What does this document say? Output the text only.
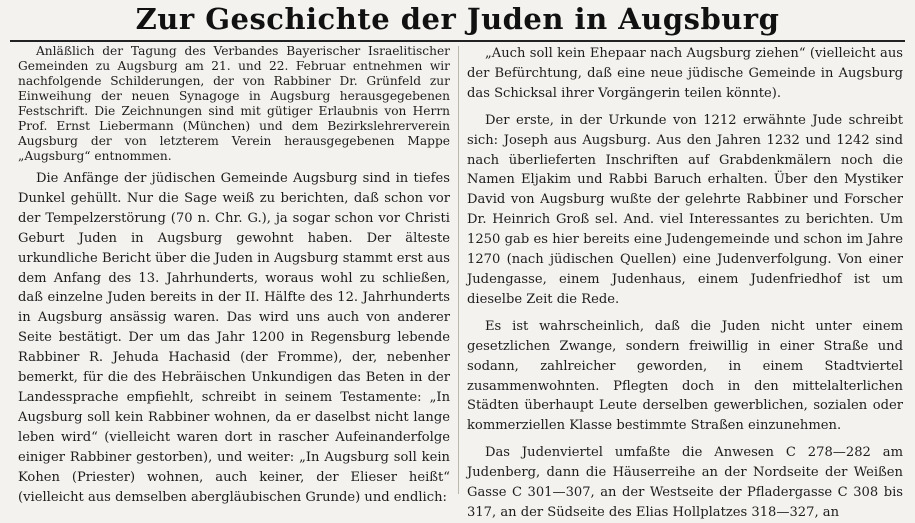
Zur Geschichte der Juden in Augsburg

Anläßlich der Tagung des Verbandes Bayerischer Israelitischer Gemeinden zu Augsburg am 21. und 22. Februar entnehmen wir nachfolgende Schilderungen, der von Rabbiner Dr. Grünfeld zur Einweihung der neuen Synagoge in Augsburg herausgegebenen Festschrift. Die Zeichnungen sind mit gütiger Erlaubnis von Herrn Prof. Ernst Liebermann (München) und dem Bezirkslehrerverein Augsburg der von letzterem Verein herausgegebenen Mappe „Augsburg“ entnommen.

Die Anfänge der jüdischen Gemeinde Augsburg sind in tiefes Dunkel gehüllt. Nur die Sage weiß zu berichten, daß schon vor der Tempelzerstörung (70 n. Chr. G.), ja sogar schon vor Christi Geburt Juden in Augsburg gewohnt haben. Der älteste urkundliche Bericht über die Juden in Augsburg stammt erst aus dem Anfang des 13. Jahrhunderts, woraus wohl zu schließen, daß einzelne Juden bereits in der II. Hälfte des 12. Jahrhunderts in Augsburg ansässig waren. Das wird uns auch von anderer Seite bestätigt. Der um das Jahr 1200 in Regensburg lebende Rabbiner R. Jehuda Hachasid (der Fromme), der, nebenher bemerkt, für die des Hebräischen Unkundigen das Beten in der Landessprache empfiehlt, schreibt in seinem Testamente: „In Augsburg soll kein Rabbiner wohnen, da er daselbst nicht lange leben wird“ (vielleicht waren dort in rascher Aufeinanderfolge einiger Rabbiner gestorben), und weiter: „In Augsburg soll kein Kohen (Priester) wohnen, auch keiner, der Elieser heißt“ (vielleicht aus demselben abergläubischen Grunde) und endlich:

„Auch soll kein Ehepaar nach Augsburg ziehen“ (vielleicht aus der Befürchtung, daß eine neue jüdische Gemeinde in Augsburg das Schicksal ihrer Vorgängerin teilen könnte).

Der erste, in der Urkunde von 1212 erwähnte Jude schreibt sich: Joseph aus Augsburg. Aus den Jahren 1232 und 1242 sind nach überlieferten Inschriften auf Grabdenkmälern noch die Namen Eljakim und Rabbi Baruch erhalten. Über den Mystiker David von Augsburg wußte der gelehrte Rabbiner und Forscher Dr. Heinrich Groß sel. And. viel Interessantes zu berichten. Um 1250 gab es hier bereits eine Judengemeinde und schon im Jahre 1270 (nach jüdischen Quellen) eine Judenverfolgung. Von einer Judengasse, einem Judenhaus, einem Judenfriedhof ist um dieselbe Zeit die Rede.

Es ist wahrscheinlich, daß die Juden nicht unter einem gesetzlichen Zwange, sondern freiwillig in einer Straße und sodann, zahlreicher geworden, in einem Stadtviertel zusammenwohnten. Pflegten doch in den mittelalterlichen Städten überhaupt Leute derselben gewerblichen, sozialen oder kommerziellen Klasse bestimmte Straßen einzunehmen.

Das Judenviertel umfaßte die Anwesen C 278—282 am Judenberg, dann die Häuserreihe an der Nordseite der Weißen Gasse C 301—307, an der Westseite der Pfladergasse C 308 bis 317, an der Südseite des Elias Hollplatzes 318—327, an
